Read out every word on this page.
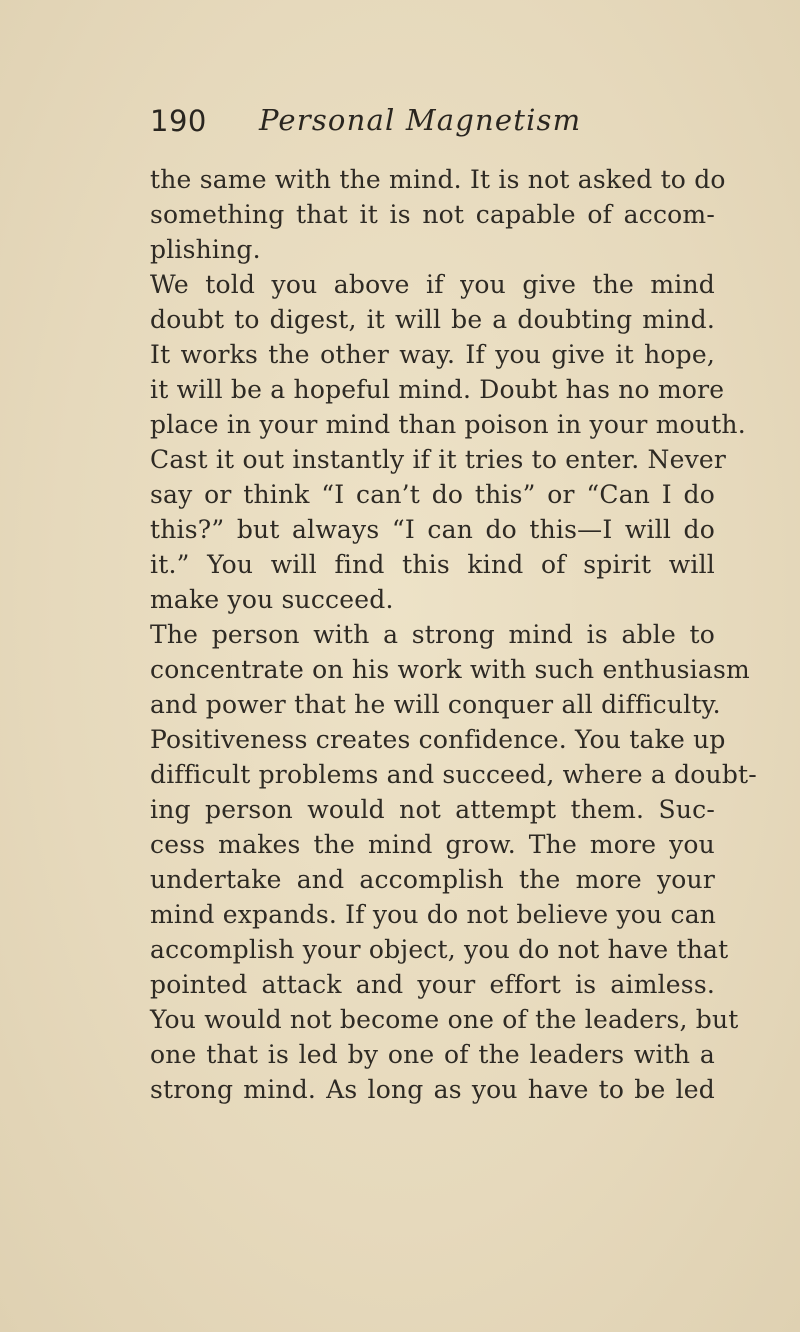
190 Personal Magnetism
the same with the mind. It is not asked to do
something that it is not capable of accom-
plishing.
We told you above if you give the mind
doubt to digest, it will be a doubting mind.
It works the other way. If you give it hope,
it will be a hopeful mind. Doubt has no more
place in your mind than poison in your mouth.
Cast it out instantly if it tries to enter. Never
say or think “I can’t do this” or “Can I do
this?” but always “I can do this—I will do
it.” You will find this kind of spirit will
make you succeed.
The person with a strong mind is able to
concentrate on his work with such enthusiasm
and power that he will conquer all difficulty.
Positiveness creates confidence. You take up
difficult problems and succeed, where a doubt-
ing person would not attempt them. Suc-
cess makes the mind grow. The more you
undertake and accomplish the more your
mind expands. If you do not believe you can
accomplish your object, you do not have that
pointed attack and your effort is aimless.
You would not become one of the leaders, but
one that is led by one of the leaders with a
strong mind. As long as you have to be led
